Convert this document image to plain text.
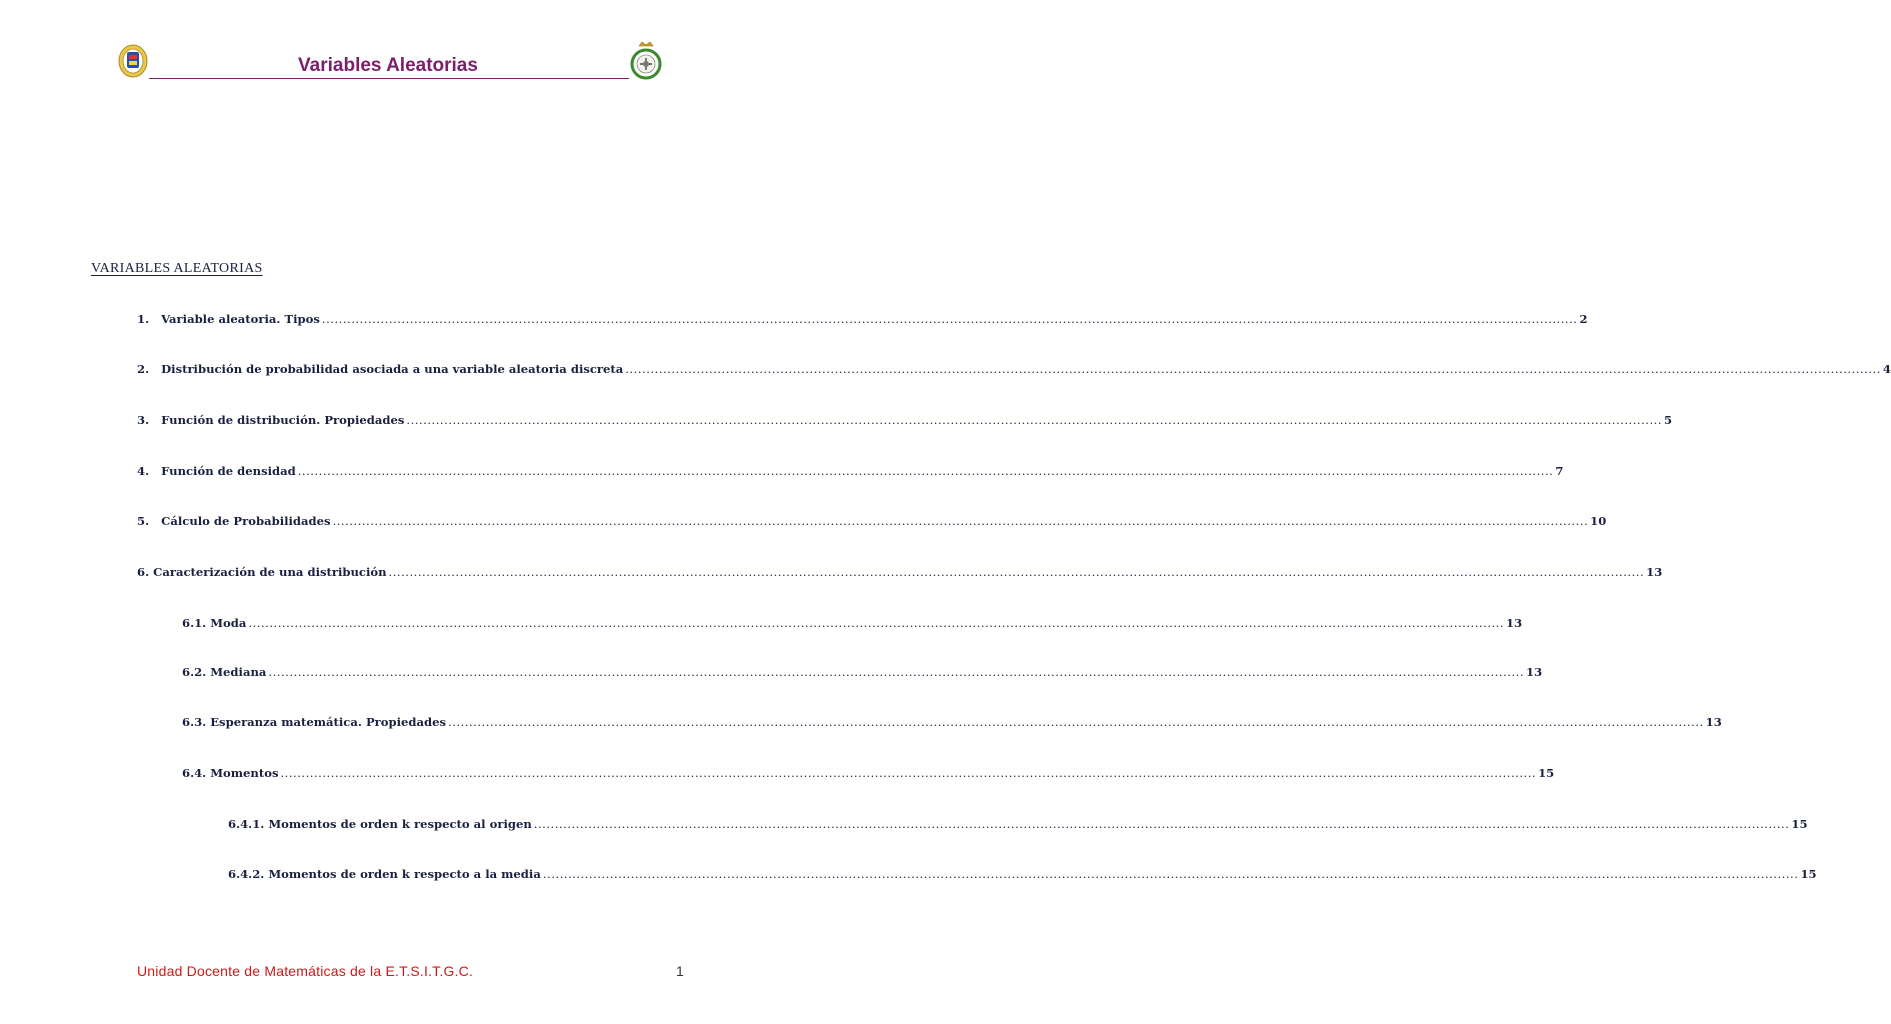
Variables Aleatorias
VARIABLES ALEATORIAS
1. Variable aleatoria. Tipos ............................................................................................................................................................................................................................................................................................................ 2
2. Distribución de probabilidad asociada a una variable aleatoria discreta ............................................................................................................................................................................................................................................................................................................ 4
3. Función de distribución. Propiedades ............................................................................................................................................................................................................................................................................................................ 5
4. Función de densidad ............................................................................................................................................................................................................................................................................................................ 7
5. Cálculo de Probabilidades ............................................................................................................................................................................................................................................................................................................ 10
6. Caracterización de una distribución ............................................................................................................................................................................................................................................................................................................ 13
6.1. Moda ............................................................................................................................................................................................................................................................................................................ 13
6.2. Mediana ............................................................................................................................................................................................................................................................................................................ 13
6.3. Esperanza matemática. Propiedades ............................................................................................................................................................................................................................................................................................................ 13
6.4. Momentos ............................................................................................................................................................................................................................................................................................................ 15
6.4.1. Momentos de orden k respecto al origen ............................................................................................................................................................................................................................................................................................................ 15
6.4.2. Momentos de orden k respecto a la media ............................................................................................................................................................................................................................................................................................................ 15
Unidad Docente de Matemáticas de la E.T.S.I.T.G.C.	1
